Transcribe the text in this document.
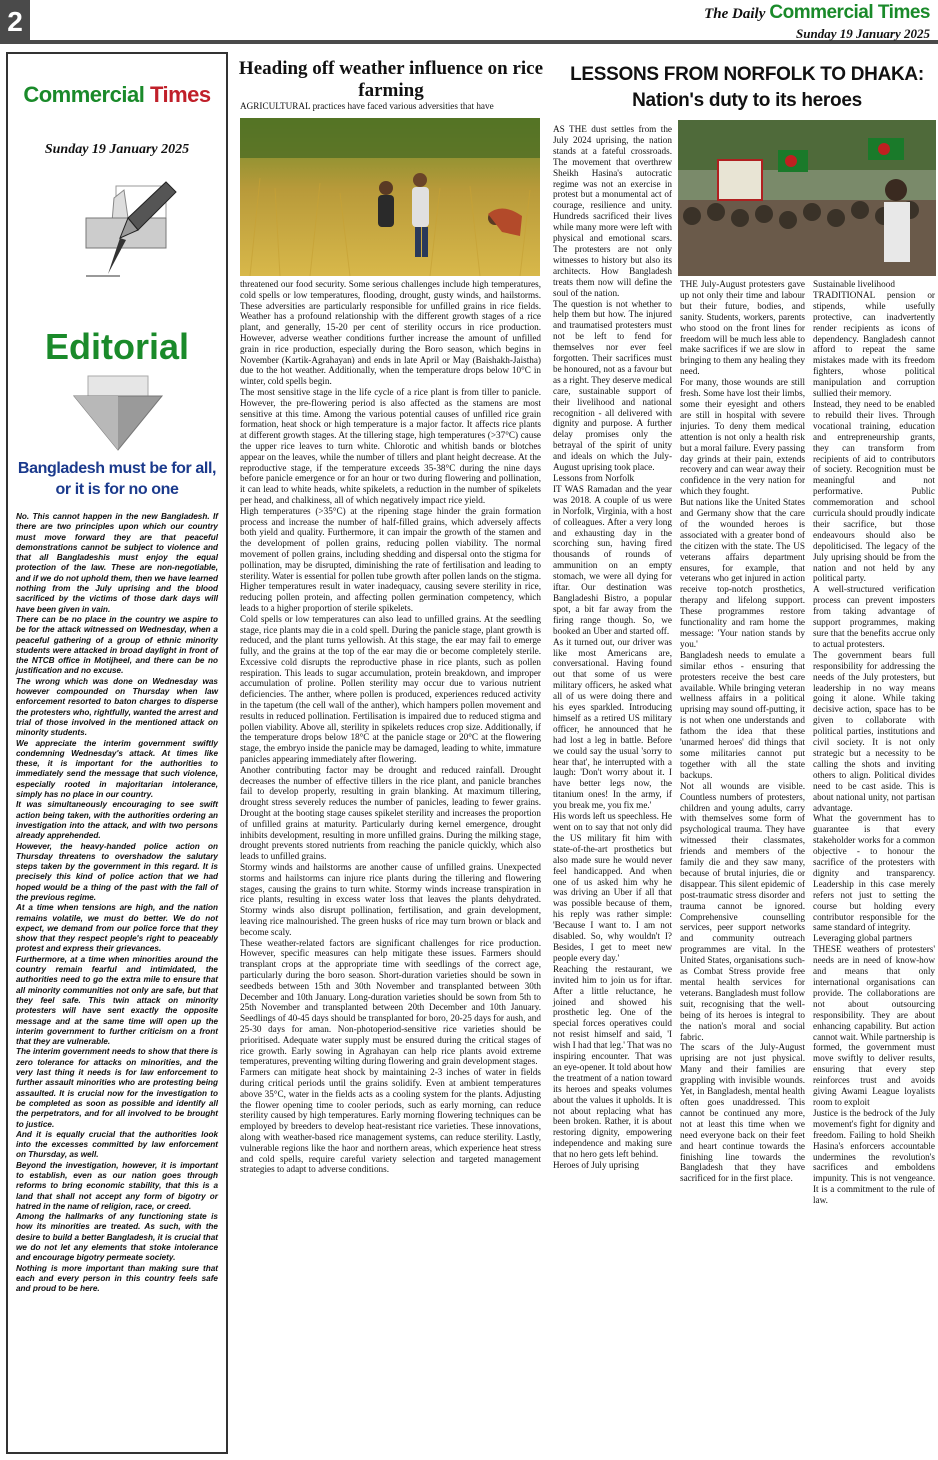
2	The Daily Commercial Times
Sunday 19 January 2025
Commercial Times
Sunday 19 January 2025
Editorial
Bangladesh must be for all, or it is for no one

No. This cannot happen in the new Bangladesh. If there are two principles upon which our country must move forward they are that peaceful demonstrations cannot be subject to violence and that all Bangladeshis must enjoy the equal protection of the law. These are non-negotiable, and if we do not uphold them, then we have learned nothing from the July uprising and the blood sacrificed by the victims of those dark days will have been given in vain.

There can be no place in the country we aspire to be for the attack witnessed on Wednesday, when a peaceful gathering of a group of ethnic minority students were attacked in broad daylight in front of the NTCB office in Motijheel, and there can be no justification and no excuse.

The wrong which was done on Wednesday was however compounded on Thursday when law enforcement resorted to baton charges to disperse the protesters who, rightfully, wanted the arrest and trial of those involved in the mentioned attack on minority students.

We appreciate the interim government swiftly condemning Wednesday's attack. At times like these, it is important for the authorities to immediately send the message that such violence, especially rooted in majoritarian intolerance, simply has no place in our country.

It was simultaneously encouraging to see swift action being taken, with the authorities ordering an investigation into the attack, and with two persons already apprehended.

However, the heavy-handed police action on Thursday threatens to overshadow the salutary steps taken by the government in this regard. It is precisely this kind of police action that we had hoped would be a thing of the past with the fall of the previous regime.

At a time when tensions are high, and the nation remains volatile, we must do better. We do not expect, we demand from our police force that they show that they respect people's right to peaceably protest and express their grievances.

Furthermore, at a time when minorities around the country remain fearful and intimidated, the authorities need to go the extra mile to ensure that all minority communities not only are safe, but that they feel safe. This twin attack on minority protesters will have sent exactly the opposite message and at the same time will open up the interim government to further criticism on a front that they are vulnerable.

The interim government needs to show that there is zero tolerance for attacks on minorities, and the very last thing it needs is for law enforcement to further assault minorities who are protesting being assaulted. It is crucial now for the investigation to be completed as soon as possible and identify all the perpetrators, and for all involved to be brought to justice.

And it is equally crucial that the authorities look into the excesses committed by law enforcement on Thursday, as well.

Beyond the investigation, however, it is important to establish, even as our nation goes through reforms to bring economic stability, that this is a land that shall not accept any form of bigotry or hatred in the name of religion, race, or creed.

Among the hallmarks of any functioning state is how its minorities are treated. As such, with the desire to build a better Bangladesh, it is crucial that we do not let any elements that stoke intolerance and encourage bigotry permeate society.

Nothing is more important than making sure that each and every person in this country feels safe and proud to be here.

Heading off weather influence on rice farming
AGRICULTURAL practices have faced various adversities that have

threatened our food security. Some serious challenges include high temperatures, cold spells or low temperatures, flooding, drought, gusty winds, and hailstorms. These adversities are particularly responsible for unfilled grains in rice fields. Weather has a profound relationship with the different growth stages of a rice plant, and generally, 15-20 per cent of sterility occurs in rice production. However, adverse weather conditions further increase the amount of unfilled grain in rice production, especially during the Boro season, which begins in November (Kartik-Agrahayan) and ends in late April or May (Baishakh-Jaistha) due to the hot weather. Additionally, when the temperature drops below 10°C in winter, cold spells begin.

The most sensitive stage in the life cycle of a rice plant is from tiller to panicle. However, the pre-flowering period is also affected as the stamens are most sensitive at this time. Among the various potential causes of unfilled rice grain formation, heat shock or high temperature is a major factor. It affects rice plants at different growth stages. At the tillering stage, high temperatures (>37°C) cause the upper rice leaves to turn white. Chlorotic and whitish bands or blotches appear on the leaves, while the number of tillers and plant height decrease. At the reproductive stage, if the temperature exceeds 35-38°C during the nine days before panicle emergence or for an hour or two during flowering and pollination, it can lead to white heads, white spikelets, a reduction in the number of spikelets per head, and chalkiness, all of which negatively impact rice yield.

High temperatures (>35°C) at the ripening stage hinder the grain formation process and increase the number of half-filled grains, which adversely affects both yield and quality. Furthermore, it can impair the growth of the stamen and the development of pollen grains, reducing pollen viability. The normal movement of pollen grains, including shedding and dispersal onto the stigma for pollination, may be disrupted, diminishing the rate of fertilisation and leading to sterility. Water is essential for pollen tube growth after pollen lands on the stigma. Higher temperatures result in water inadequacy, causing severe sterility in rice, reducing pollen protein, and affecting pollen germination competency, which leads to a higher proportion of sterile spikelets.

Cold spells or low temperatures can also lead to unfilled grains. At the seedling stage, rice plants may die in a cold spell. During the panicle stage, plant growth is reduced, and the plant turns yellowish. At this stage, the ear may fail to emerge fully, and the grains at the top of the ear may die or become completely sterile. Excessive cold disrupts the reproductive phase in rice plants, such as pollen respiration. This leads to sugar accumulation, protein breakdown, and improper accumulation of proline. Pollen sterility may occur due to various nutrient deficiencies. The anther, where pollen is produced, experiences reduced activity in the tapetum (the cell wall of the anther), which hampers pollen movement and results in reduced pollination. Fertilisation is impaired due to reduced stigma and pollen viability. Above all, sterility in spikelets reduces crop size. Additionally, if the temperature drops below 18°C at the panicle stage or 20°C at the flowering stage, the embryo inside the panicle may be damaged, leading to white, immature panicles appearing immediately after flowering.

Another contributing factor may be drought and reduced rainfall. Drought decreases the number of effective tillers in the rice plant, and panicle branches fail to develop properly, resulting in grain blanking. At maximum tillering, drought stress severely reduces the number of panicles, leading to fewer grains. Drought at the booting stage causes spikelet sterility and increases the proportion of unfilled grains at maturity. Particularly during kernel emergence, drought inhibits development, resulting in more unfilled grains. During the milking stage, drought prevents stored nutrients from reaching the panicle quickly, which also leads to unfilled grains.

Stormy winds and hailstorms are another cause of unfilled grains. Unexpected storms and hailstorms can injure rice plants during the tillering and flowering stages, causing the grains to turn white. Stormy winds increase transpiration in rice plants, resulting in excess water loss that leaves the plants dehydrated. Stormy winds also disrupt pollination, fertilisation, and grain development, leaving rice malnourished. The green husks of rice may turn brown or black and become scaly.

These weather-related factors are significant challenges for rice production. However, specific measures can help mitigate these issues. Farmers should transplant crops at the appropriate time with seedlings of the correct age, particularly during the boro season. Short-duration varieties should be sown in seedbeds between 15th and 30th November and transplanted between 30th December and 10th January. Long-duration varieties should be sown from 5th to 25th November and transplanted between 20th December and 10th January. Seedlings of 40-45 days should be transplanted for boro, 20-25 days for aush, and 25-30 days for aman. Non-photoperiod-sensitive rice varieties should be prioritised. Adequate water supply must be ensured during the critical stages of rice growth. Early sowing in Agrahayan can help rice plants avoid extreme temperatures, preventing wilting during flowering and grain development stages.

Farmers can mitigate heat shock by maintaining 2-3 inches of water in fields during critical periods until the grains solidify. Even at ambient temperatures above 35°C, water in the fields acts as a cooling system for the plants. Adjusting the flower opening time to cooler periods, such as early morning, can reduce sterility caused by high temperatures. Early morning flowering techniques can be employed by breeders to develop heat-resistant rice varieties. These innovations, along with weather-based rice management systems, can reduce sterility. Lastly, vulnerable regions like the haor and northern areas, which experience heat stress and cold spells, require careful variety selection and targeted management strategies to adapt to adverse conditions.

LESSONS FROM NORFOLK TO DHAKA:
Nation's duty to its heroes

AS THE dust settles from the July 2024 uprising, the nation stands at a fateful crossroads. The movement that overthrew Sheikh Hasina's autocratic regime was not an exercise in protest but a monumental act of courage, resilience and unity. Hundreds sacrificed their lives while many more were left with physical and emotional scars. The protesters are not only witnesses to history but also its architects. How Bangladesh treats them now will define the soul of the nation.

The question is not whether to help them but how. The injured and traumatised protesters must not be left to fend for themselves nor ever feel forgotten. Their sacrifices must be honoured, not as a favour but as a right. They deserve medical care, sustainable support of their livelihood and national recognition - all delivered with dignity and purpose. A further delay promises only the betrayal of the spirit of unity and ideals on which the July-August uprising took place.

Lessons from Norfolk

IT WAS Ramadan and the year was 2018. A couple of us were in Norfolk, Virginia, with a host of colleagues. After a very long and exhausting day in the scorching sun, having fired thousands of rounds of ammunition on an empty stomach, we were all dying for iftar. Our destination was Bangladeshi Bistro, a popular spot, a bit far away from the firing range though. So, we booked an Uber and started off.

As it turned out, our driver was like most Americans are, conversational. Having found out that some of us were military officers, he asked what all of us were doing there and his eyes sparkled. Introducing himself as a retired US military officer, he announced that he had lost a leg in battle. Before we could say the usual 'sorry to hear that', he interrupted with a laugh: 'Don't worry about it. I have better legs now, the titanium ones! In the army, if you break me, you fix me.'

His words left us speechless. He went on to say that not only did the US military fit him with state-of-the-art prosthetics but also made sure he would never feel handicapped. And when one of us asked him why he was driving an Uber if all that was possible because of them, his reply was rather simple: 'Because I want to. I am not disabled. So, why wouldn't I? Besides, I get to meet new people every day.'

Reaching the restaurant, we invited him to join us for iftar. After a little reluctance, he joined and showed his prosthetic leg. One of the special forces operatives could not resist himself and said, 'I wish I had that leg.' That was no inspiring encounter. That was an eye-opener. It told about how the treatment of a nation toward its heroes and speaks volumes about the values it upholds. It is not about replacing what has been broken. Rather, it is about restoring dignity, empowering independence and making sure that no hero gets left behind.

Heroes of July uprising

THE July-August protesters gave up not only their time and labour but their future, bodies, and sanity. Students, workers, parents who stood on the front lines for freedom will be much less able to make sacrifices if we are slow in bringing to them any healing they need.

For many, those wounds are still fresh. Some have lost their limbs, some their eyesight and others are still in hospital with severe injuries. To deny them medical attention is not only a health risk but a moral failure. Every passing day grinds at their pain, extends recovery and can wear away their confidence in the very nation for which they fought.

But nations like the United States and Germany show that the care of the wounded heroes is associated with a greater bond of the citizen with the state. The US veterans affairs department ensures, for example, that veterans who get injured in action receive top-notch prosthetics, therapy and lifelong support. These programmes restore functionality and ram home the message: 'Your nation stands by you.'

Bangladesh needs to emulate a similar ethos - ensuring that protesters receive the best care available. While bringing veteran wellness affairs in a political uprising may sound off-putting, it is not when one understands and fathom the idea that these 'unarmed heroes' did things that some militaries cannot put together with all the state backups.

Not all wounds are visible. Countless numbers of protesters, children and young adults, carry with themselves some form of psychological trauma. They have witnessed their classmates, friends and members of the family die and they saw many, because of brutal injuries, die or disappear. This silent epidemic of post-traumatic stress disorder and trauma cannot be ignored. Comprehensive counselling services, peer support networks and community outreach programmes are vital. In the United States, organisations such-as Combat Stress provide free mental health services for veterans. Bangladesh must follow suit, recognising that the well-being of its heroes is integral to the nation's moral and social fabric.

The scars of the July-August uprising are not just physical. Many and their families are grappling with invisible wounds. Yet, in Bangladesh, mental health often goes unaddressed. This cannot be continued any more, not at least this time when we need everyone back on their feet and heart continue towards the finishing line towards the Bangladesh that they have sacrificed for in the first place.

Sustainable livelihood

TRADITIONAL pension or stipends, while usefully protective, can inadvertently render recipients as icons of dependency. Bangladesh cannot afford to repeat the same mistakes made with its freedom fighters, whose political manipulation and corruption sullied their memory.

Instead, they need to be enabled to rebuild their lives. Through vocational training, education and entrepreneurship grants, they can transform from recipients of aid to contributors of society. Recognition must be meaningful and not performative. Public commemoration and school curricula should proudly indicate their sacrifice, but those endeavours should also be depoliticised. The legacy of the July uprising should be from the nation and not held by any political party.

A well-structured verification process can prevent imposters from taking advantage of support programmes, making sure that the benefits accrue only to actual protesters.

The government bears full responsibility for addressing the needs of the July protesters, but leadership in no way means going it alone. While taking decisive action, space has to be given to collaborate with political parties, institutions and civil society. It is not only strategic but a necessity to be calling the shots and inviting others to align. Political divides need to be cast aside. This is about national unity, not partisan advantage.

What the government has to guarantee is that every stakeholder works for a common objective - to honour the sacrifice of the protesters with dignity and transparency. Leadership in this case merely refers not just to setting the course but holding every contributor responsible for the same standard of integrity.

Leveraging global partners

THESE weathers of protesters' needs are in need of know-how and means that only international organisations can provide. The collaborations are not about outsourcing responsibility. They are about enhancing capability. But action cannot wait. While partnership is formed, the government must move swiftly to deliver results, ensuring that every step reinforces trust and avoids giving Awami League loyalists room to exploit

Justice is the bedrock of the July movement's fight for dignity and freedom. Failing to hold Sheikh Hasina's enforcers accountable undermines the revolution's sacrifices and emboldens impunity. This is not vengeance. It is a commitment to the rule of law.
